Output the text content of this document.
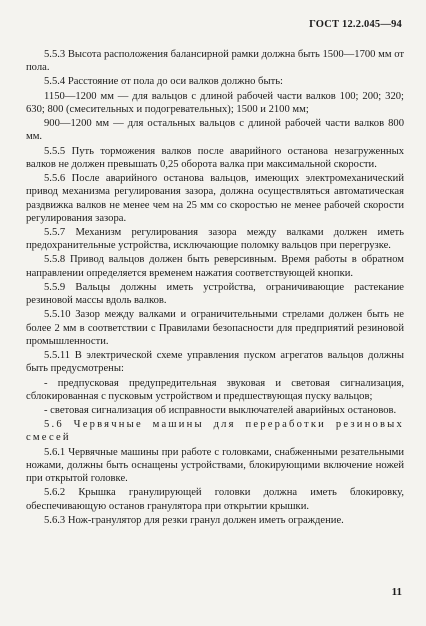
ГОСТ 12.2.045—94

5.5.3 Высота расположения балансирной рамки должна быть 1500—1700 мм от пола.

5.5.4 Расстояние от пола до оси валков должно быть:

1150—1200 мм — для вальцов с длиной рабочей части валков 100; 200; 320; 630; 800 (смесительных и подогревательных); 1500 и 2100 мм;

900—1200 мм — для остальных вальцов с длиной рабочей части валков 800 мм.

5.5.5 Путь торможения валков после аварийного останова незагруженных валков не должен превышать 0,25 оборота валка при максимальной скорости.

5.5.6 После аварийного останова вальцов, имеющих электромеханический привод механизма регулирования зазора, должна осуществляться автоматическая раздвижка валков не менее чем на 25 мм со скоростью не менее рабочей скорости регулирования зазора.

5.5.7 Механизм регулирования зазора между валками должен иметь предохранительные устройства, исключающие поломку вальцов при перегрузке.

5.5.8 Привод вальцов должен быть реверсивным. Время работы в обратном направлении определяется временем нажатия соответствующей кнопки.

5.5.9 Вальцы должны иметь устройства, ограничивающие растекание резиновой массы вдоль валков.

5.5.10 Зазор между валками и ограничительными стрелами должен быть не более 2 мм в соответствии с Правилами безопасности для предприятий резиновой промышленности.

5.5.11 В электрической схеме управления пуском агрегатов вальцов должны быть предусмотрены:

- предпусковая предупредительная звуковая и световая сигнализация, сблокированная с пусковым устройством и предшествующая пуску вальцов;

- световая сигнализация об исправности выключателей аварийных остановов.

5.6 Червячные машины для переработки резиновых смесей

5.6.1 Червячные машины при работе с головками, снабженными резательными ножами, должны быть оснащены устройствами, блокирующими включение ножей при открытой головке.

5.6.2 Крышка гранулирующей головки должна иметь блокировку, обеспечивающую останов гранулятора при открытии крышки.

5.6.3 Нож-гранулятор для резки гранул должен иметь ограждение.

11
